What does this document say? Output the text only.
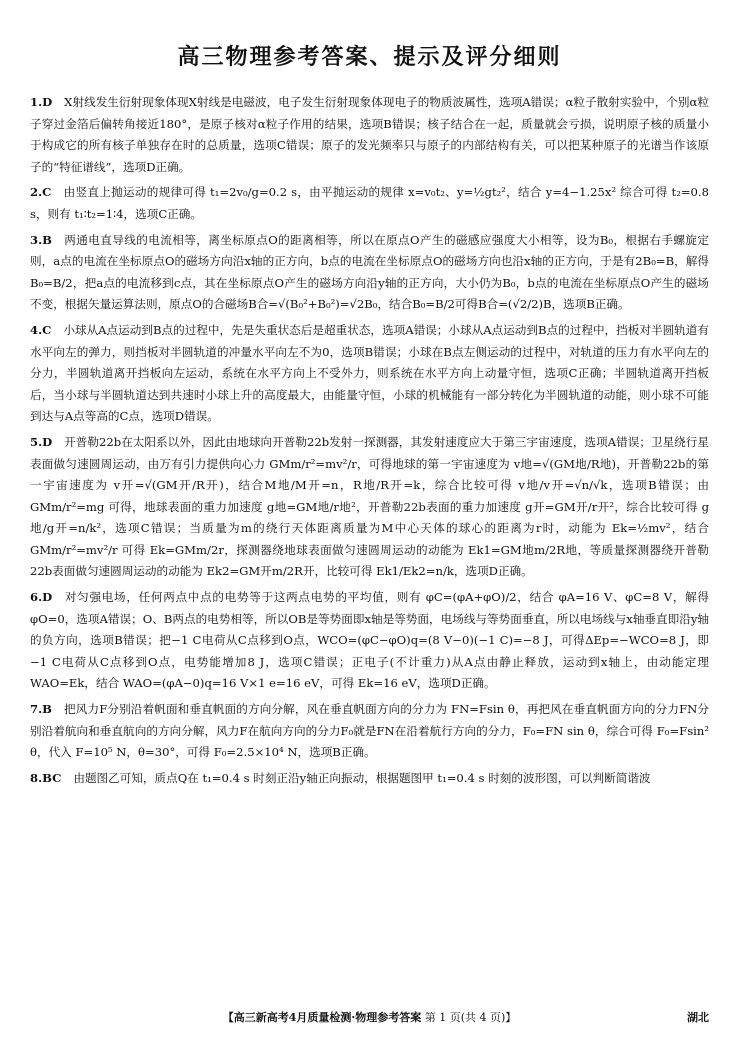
高三物理参考答案、提示及评分细则

1.D X射线发生衍射现象体现X射线是电磁波，电子发生衍射现象体现电子的物质波属性，选项A错误；α粒子散射实验中，个别α粒子穿过金箔后偏转角接近180°，是原子核对α粒子作用的结果，选项B错误；核子结合在一起，质量就会亏损，说明原子核的质量小于构成它的所有核子单独存在时的总质量，选项C错误；原子的发光频率只与原子的内部结构有关，可以把某种原子的光谱当作该原子的“特征谱线”，选项D正确。

2.C 由竖直上抛运动的规律可得 t₁=2v₀/g=0.2 s，由平抛运动的规律 x=v₀t₂、y=½gt₂²，结合 y=4−1.25x² 综合可得 t₂=0.8 s，则有 t₁∶t₂=1∶4，选项C正确。

3.B 两通电直导线的电流相等，离坐标原点O的距离相等，所以在原点O产生的磁感应强度大小相等，设为B₀，根据右手螺旋定则，a点的电流在坐标原点O的磁场方向沿x轴的正方向，b点的电流在坐标原点O的磁场方向也沿x轴的正方向，于是有2B₀=B，解得B₀=B/2，把a点的电流移到c点，其在坐标原点O产生的磁场方向沿y轴的正方向，大小仍为B₀，b点的电流在坐标原点O产生的磁场不变，根据矢量运算法则，原点O的合磁场B合=√(B₀²+B₀²)=√2B₀，结合B₀=B/2可得B合=(√2/2)B，选项B正确。

4.C 小球从A点运动到B点的过程中，先是失重状态后是超重状态，选项A错误；小球从A点运动到B点的过程中，挡板对半圆轨道有水平向左的弹力，则挡板对半圆轨道的冲量水平向左不为0，选项B错误；小球在B点左侧运动的过程中，对轨道的压力有水平向左的分力，半圆轨道离开挡板向左运动，系统在水平方向上不受外力，则系统在水平方向上动量守恒，选项C正确；半圆轨道离开挡板后，当小球与半圆轨道达到共速时小球上升的高度最大，由能量守恒，小球的机械能有一部分转化为半圆轨道的动能，则小球不可能到达与A点等高的C点，选项D错误。

5.D 开普勒22b在太阳系以外，因此由地球向开普勒22b发射一探测器，其发射速度应大于第三宇宙速度，选项A错误；卫星绕行星表面做匀速圆周运动，由万有引力提供向心力 GMm/r²=mv²/r，可得地球的第一宇宙速度为 v地=√(GM地/R地)，开普勒22b的第一宇宙速度为 v开=√(GM开/R开)，结合M地/M开=n，R地/R开=k，综合比较可得 v地/v开=√n/√k，选项B错误；由 GMm/r²=mg 可得，地球表面的重力加速度 g地=GM地/r地²，开普勒22b表面的重力加速度 g开=GM开/r开²，综合比较可得 g地/g开=n/k²，选项C错误；当质量为m的绕行天体距离质量为M中心天体的球心的距离为r时，动能为 Ek=½mv²，结合 GMm/r²=mv²/r 可得 Ek=GMm/2r，探测器绕地球表面做匀速圆周运动的动能为 Ek1=GM地m/2R地，等质量探测器绕开普勒22b表面做匀速圆周运动的动能为 Ek2=GM开m/2R开，比较可得 Ek1/Ek2=n/k，选项D正确。

6.D 对匀强电场，任何两点中点的电势等于这两点电势的平均值，则有 φC=(φA+φO)/2，结合 φA=16 V、φC=8 V，解得 φO=0，选项A错误；O、B两点的电势相等，所以OB是等势面即x轴是等势面，电场线与等势面垂直，所以电场线与x轴垂直即沿y轴的负方向，选项B错误；把−1 C电荷从C点移到O点，WCO=(φC−φO)q=(8 V−0)(−1 C)=−8 J，可得ΔEp=−WCO=8 J，即−1 C电荷从C点移到O点，电势能增加8 J，选项C错误；正电子(不计重力)从A点由静止释放，运动到x轴上，由动能定理 WAO=Ek，结合 WAO=(φA−0)q=16 V×1 e=16 eV，可得 Ek=16 eV，选项D正确。

7.B 把风力F分别沿着帆面和垂直帆面的方向分解，风在垂直帆面方向的分力为 FN=Fsin θ，再把风在垂直帆面方向的分力FN分别沿着航向和垂直航向的方向分解，风力F在航向方向的分力F₀就是FN在沿着航行方向的分力，F₀=FN sin θ，综合可得 F₀=Fsin² θ，代入 F=10⁵ N，θ=30°，可得 F₀=2.5×10⁴ N，选项B正确。

8.BC 由题图乙可知，质点Q在 t₁=0.4 s 时刻正沿y轴正向振动，根据题图甲 t₁=0.4 s 时刻的波形图，可以判断简谐波

【高三新高考4月质量检测·物理参考答案 第 1 页(共 4 页)】	湖北
